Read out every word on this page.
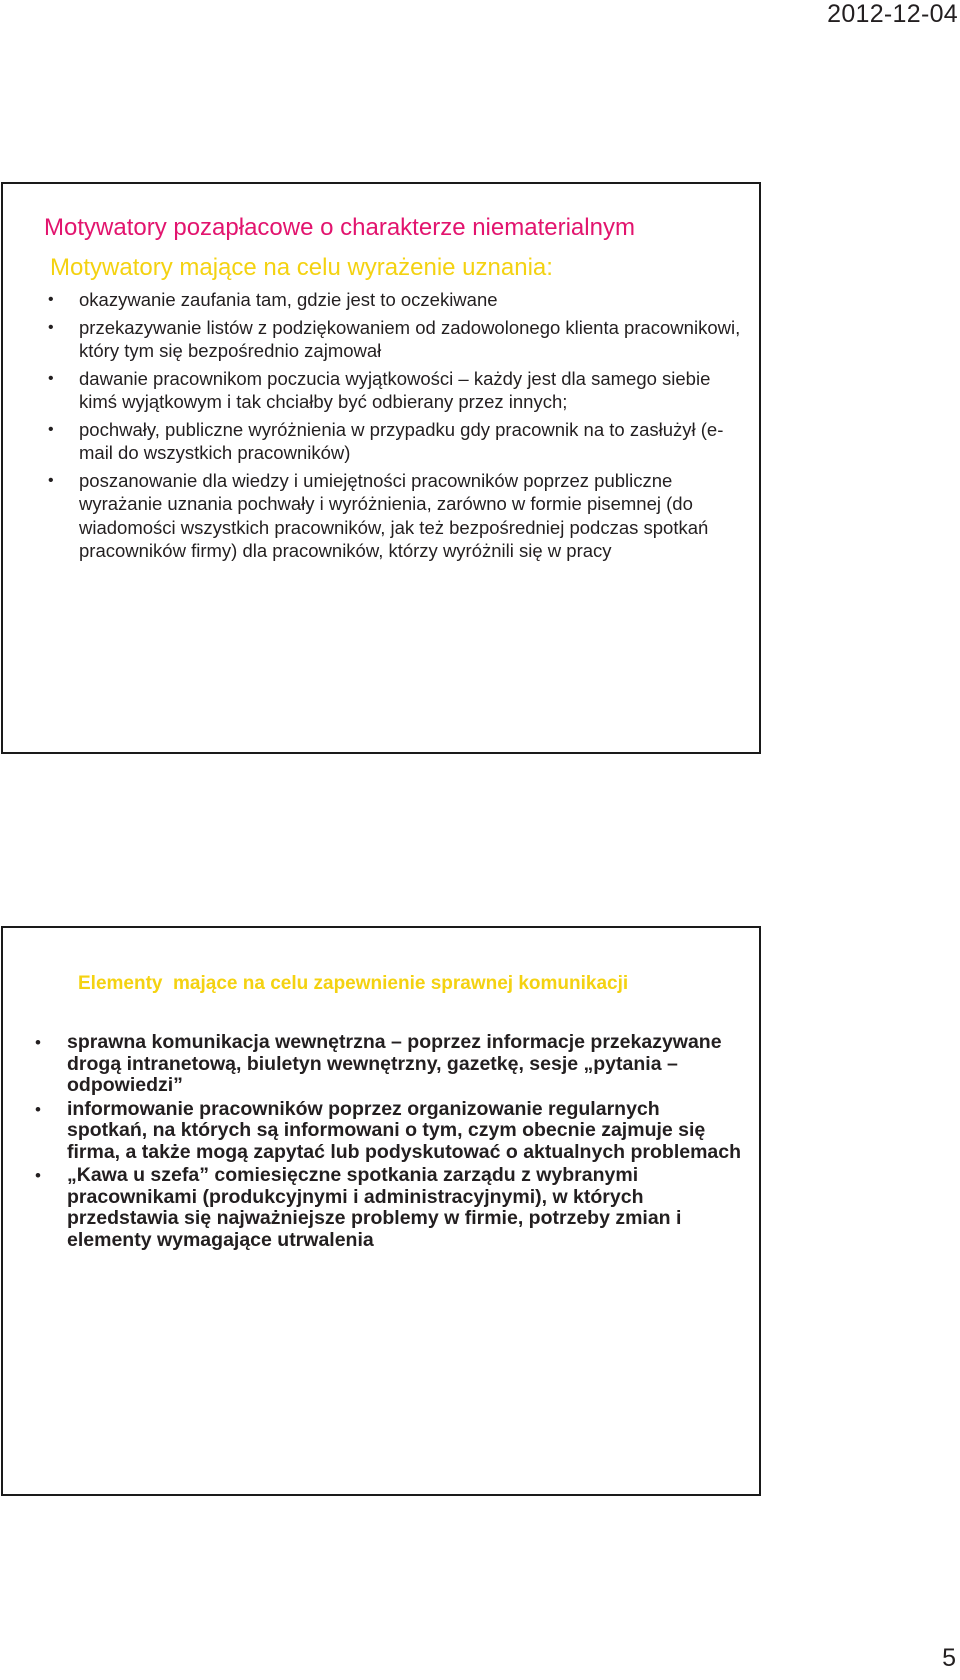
2012-12-04
Motywatory pozapłacowe o charakterze niematerialnym
Motywatory mające na celu wyrażenie uznania:
• okazywanie zaufania tam, gdzie jest to oczekiwane
• przekazywanie listów z podziękowaniem od zadowolonego klienta pracownikowi, który tym się bezpośrednio zajmował
• dawanie pracownikom poczucia wyjątkowości – każdy jest dla samego siebie kimś wyjątkowym i tak chciałby być odbierany przez innych;
• pochwały, publiczne wyróżnienia w przypadku gdy pracownik na to zasłużył (e-mail do wszystkich pracowników)
• poszanowanie dla wiedzy i umiejętności pracowników poprzez publiczne wyrażanie uznania pochwały i wyróżnienia, zarówno w formie pisemnej (do wiadomości wszystkich pracowników, jak też bezpośredniej podczas spotkań pracowników firmy) dla pracowników, którzy wyróżnili się w pracy
Elementy  mające na celu zapewnienie sprawnej komunikacji
• sprawna komunikacja wewnętrzna – poprzez informacje przekazywane drogą intranetową, biuletyn wewnętrzny, gazetkę, sesje „pytania – odpowiedzi”
• informowanie pracowników poprzez organizowanie regularnych spotkań, na których są informowani o tym, czym obecnie zajmuje się firma, a także mogą zapytać lub podyskutować o aktualnych problemach
• „Kawa u szefa” comiesięczne spotkania zarządu z wybranymi pracownikami (produkcyjnymi i administracyjnymi), w których przedstawia się najważniejsze problemy w firmie, potrzeby zmian i elementy wymagające utrwalenia
5
